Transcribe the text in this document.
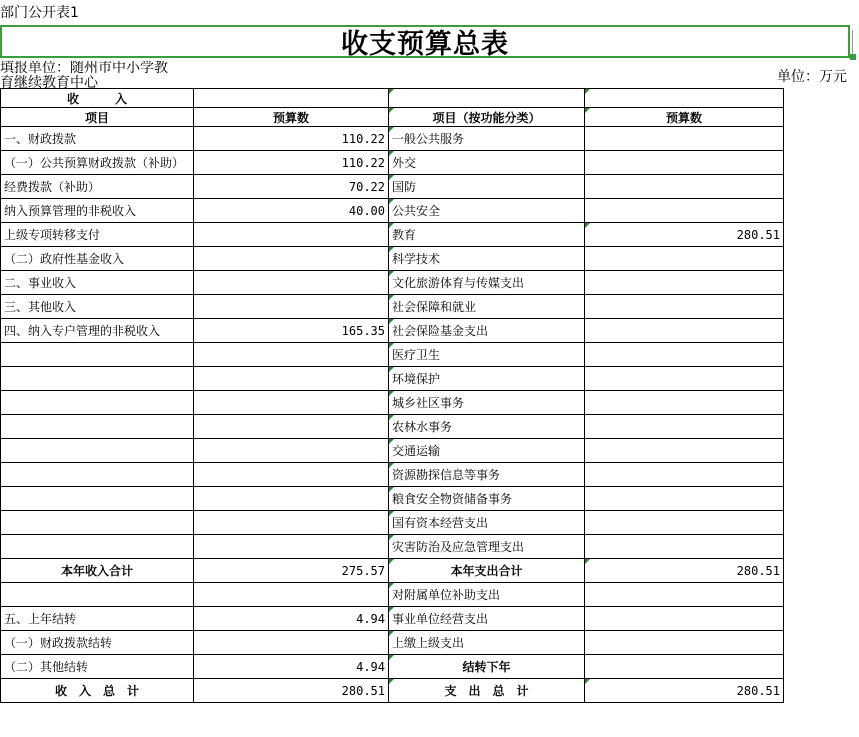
部门公开表1
收支预算总表
填报单位：随州市中小学教育继续教育中心	单位：万元
收　　　入			
项目	预算数	项目（按功能分类）	预算数
一、财政拨款	110.22	一般公共服务	
（一）公共预算财政拨款（补助）	110.22	外交	
经费拨款（补助）	70.22	国防	
纳入预算管理的非税收入	40.00	公共安全	
上级专项转移支付		教育	280.51
（二）政府性基金收入		科学技术	
二、事业收入		文化旅游体育与传媒支出	
三、其他收入		社会保障和就业	
四、纳入专户管理的非税收入	165.35	社会保险基金支出	
		医疗卫生	
		环境保护	
		城乡社区事务	
		农林水事务	
		交通运输	
		资源勘探信息等事务	
		粮食安全物资储备事务	
		国有资本经营支出	
		灾害防治及应急管理支出	
本年收入合计	275.57	本年支出合计	280.51
		对附属单位补助支出	
五、上年结转	4.94	事业单位经营支出	
（一）财政拨款结转		上缴上级支出	
（二）其他结转	4.94	结转下年	
收　入　总　计	280.51	支　出　总　计	280.51
